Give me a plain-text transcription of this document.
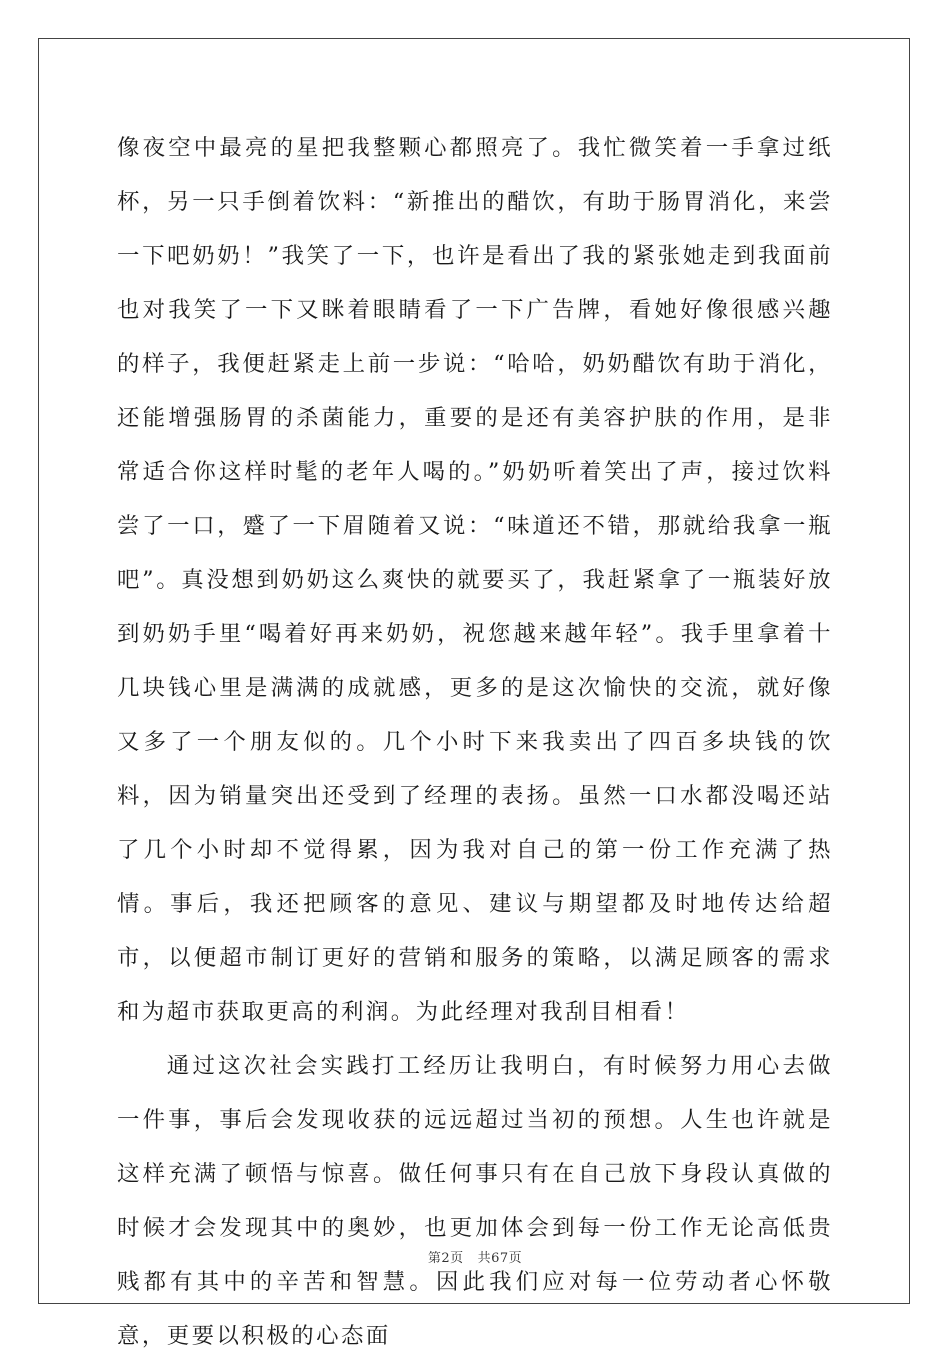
像夜空中最亮的星把我整颗心都照亮了。我忙微笑着一手拿过纸杯，另一只手倒着饮料：“新推出的醋饮，有助于肠胃消化，来尝一下吧奶奶！”我笑了一下，也许是看出了我的紧张她走到我面前也对我笑了一下又眯着眼睛看了一下广告牌，看她好像很感兴趣的样子，我便赶紧走上前一步说：“哈哈，奶奶醋饮有助于消化，还能增强肠胃的杀菌能力，重要的是还有美容护肤的作用，是非常适合你这样时髦的老年人喝的。”奶奶听着笑出了声，接过饮料尝了一口，蹙了一下眉随着又说：“味道还不错，那就给我拿一瓶吧”。真没想到奶奶这么爽快的就要买了，我赶紧拿了一瓶装好放到奶奶手里“喝着好再来奶奶，祝您越来越年轻”。我手里拿着十几块钱心里是满满的成就感，更多的是这次愉快的交流，就好像又多了一个朋友似的。几个小时下来我卖出了四百多块钱的饮料，因为销量突出还受到了经理的表扬。虽然一口水都没喝还站了几个小时却不觉得累，因为我对自己的第一份工作充满了热情。事后，我还把顾客的意见、建议与期望都及时地传达给超市，以便超市制订更好的营销和服务的策略，以满足顾客的需求和为超市获取更高的利润。为此经理对我刮目相看！

通过这次社会实践打工经历让我明白，有时候努力用心去做一件事，事后会发现收获的远远超过当初的预想。人生也许就是这样充满了顿悟与惊喜。做任何事只有在自己放下身段认真做的时候才会发现其中的奥妙，也更加体会到每一份工作无论高低贵贱都有其中的辛苦和智慧。因此我们应对每一位劳动者心怀敬意，更要以积极的心态面

第2页 共67页
